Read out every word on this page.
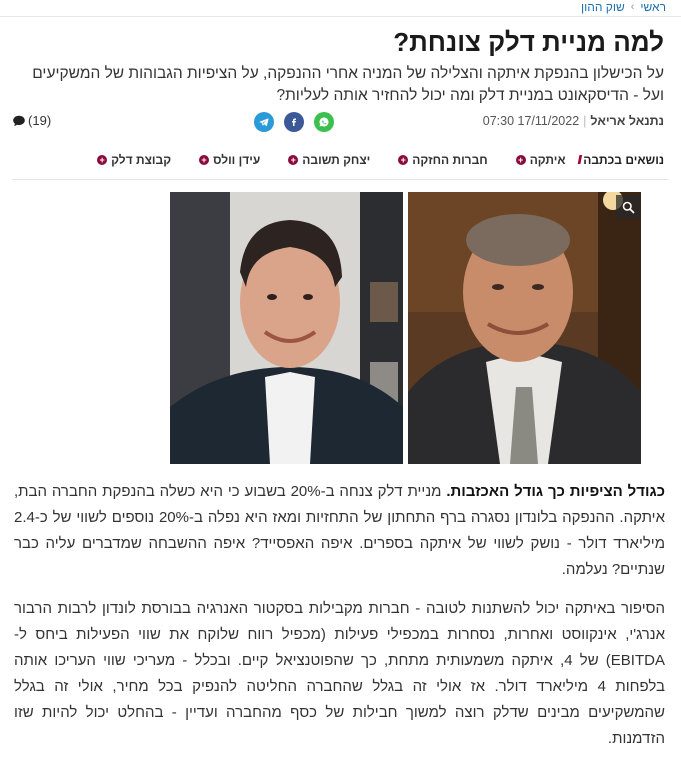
ראשי
›
שוק ההון
למה מניית דלק צונחת?

על הכישלון בהנפקת איתקה והצלילה של המניה אחרי ההנפקה, על הציפיות הגבוהות של המשקיעים ועל - הדיסקאונט במניית דלק ומה יכול להחזיר אותה לעליות?

נתנאל אריאל
|
17/11/2022 07:30
(19)
נושאים בכתבה
//
איתקה
+
חברות החזקה
+
יצחק תשובה
+
עידן וולס
+
קבוצת דלק
+

כגודל הציפיות כך גודל האכזבות. מניית דלק צנחה ב-20% בשבוע כי היא כשלה בהנפקת החברה הבת, איתקה. ההנפקה בלונדון נסגרה ברף התחתון של התחזיות ומאז היא נפלה ב-20% נוספים לשווי של כ-2.4 מיליארד דולר - נושק לשווי של איתקה בספרים. איפה האפסייד? איפה ההשבחה שמדברים עליה כבר שנתיים? נעלמה.

הסיפור באיתקה יכול להשתנות לטובה - חברות מקבילות בסקטור האנרגיה בבורסת לונדון לרבות הרבור אנרג'י, אינקווסט ואחרות, נסחרות במכפילי פעילות (מכפיל רווח שלוקח את שווי הפעילות ביחס ל-EBITDA) של 4, איתקה משמעותית מתחת, כך שהפוטנציאל קיים. ובכלל - מעריכי שווי העריכו אותה בלפחות 4 מיליארד דולר. אז אולי זה בגלל שהחברה החליטה להנפיק בכל מחיר, אולי זה בגלל שהמשקיעים מבינים שדלק רוצה למשוך חבילות של כסף מהחברה ועדיין - בהחלט יכול להיות שזו הזדמנות.
